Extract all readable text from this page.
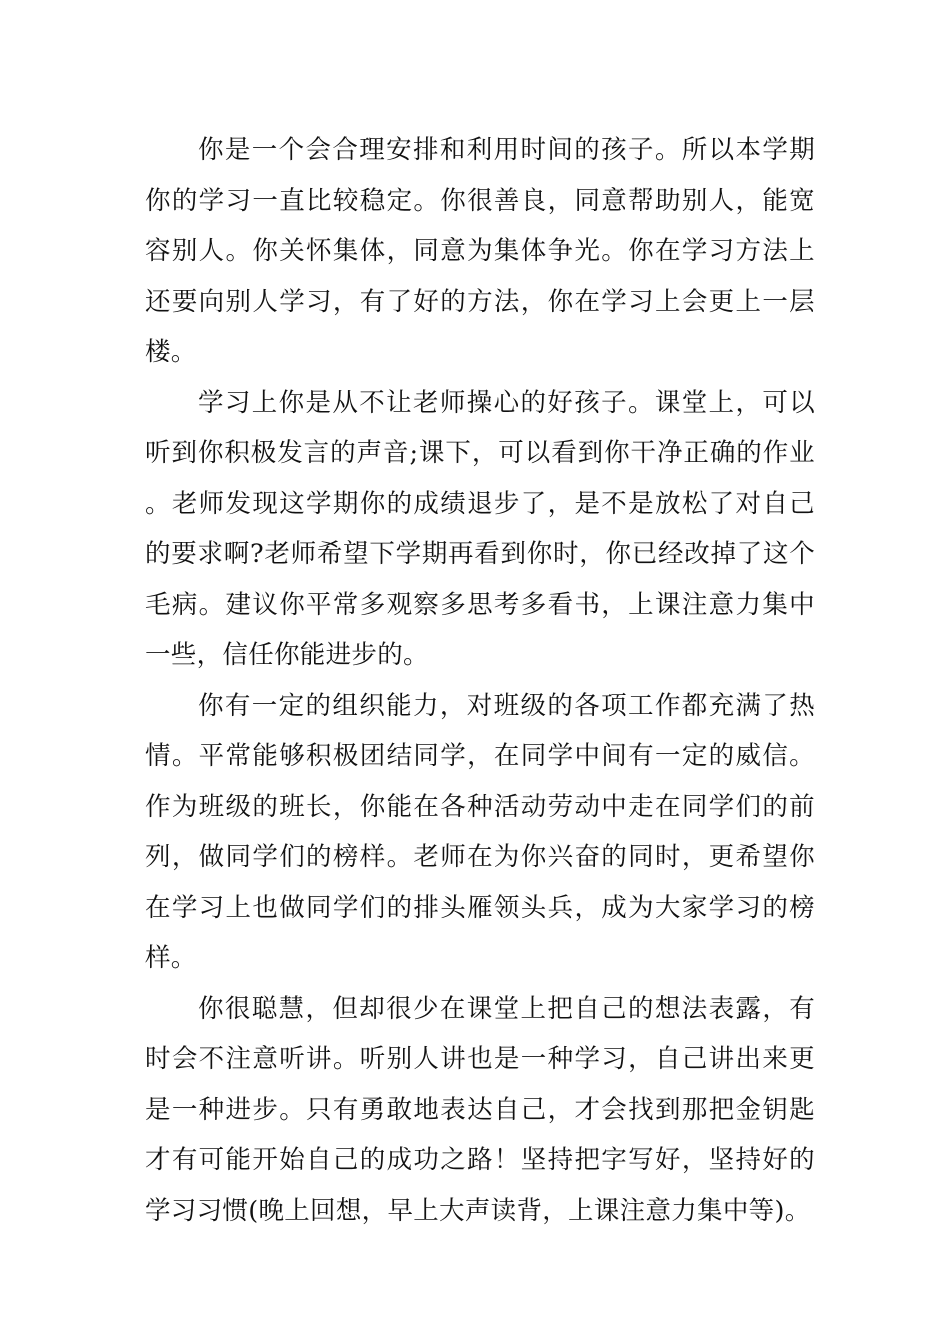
你是一个会合理安排和利用时间的孩子。所以本学期你的学习一直比较稳定。你很善良，同意帮助别人，能宽容别人。你关怀集体，同意为集体争光。你在学习方法上还要向别人学习，有了好的方法，你在学习上会更上一层楼。

学习上你是从不让老师操心的好孩子。课堂上，可以听到你积极发言的声音;课下，可以看到你干净正确的作业。老师发现这学期你的成绩退步了，是不是放松了对自己的要求啊?老师希望下学期再看到你时，你已经改掉了这个毛病。建议你平常多观察多思考多看书，上课注意力集中一些，信任你能进步的。

你有一定的组织能力，对班级的各项工作都充满了热情。平常能够积极团结同学，在同学中间有一定的威信。作为班级的班长，你能在各种活动劳动中走在同学们的前列，做同学们的榜样。老师在为你兴奋的同时，更希望你在学习上也做同学们的排头雁领头兵，成为大家学习的榜样。

你很聪慧，但却很少在课堂上把自己的想法表露，有时会不注意听讲。听别人讲也是一种学习，自己讲出来更是一种进步。只有勇敢地表达自己，才会找到那把金钥匙才有可能开始自己的成功之路！坚持把字写好，坚持好的学习习惯(晚上回想，早上大声读背，上课注意力集中等)。
